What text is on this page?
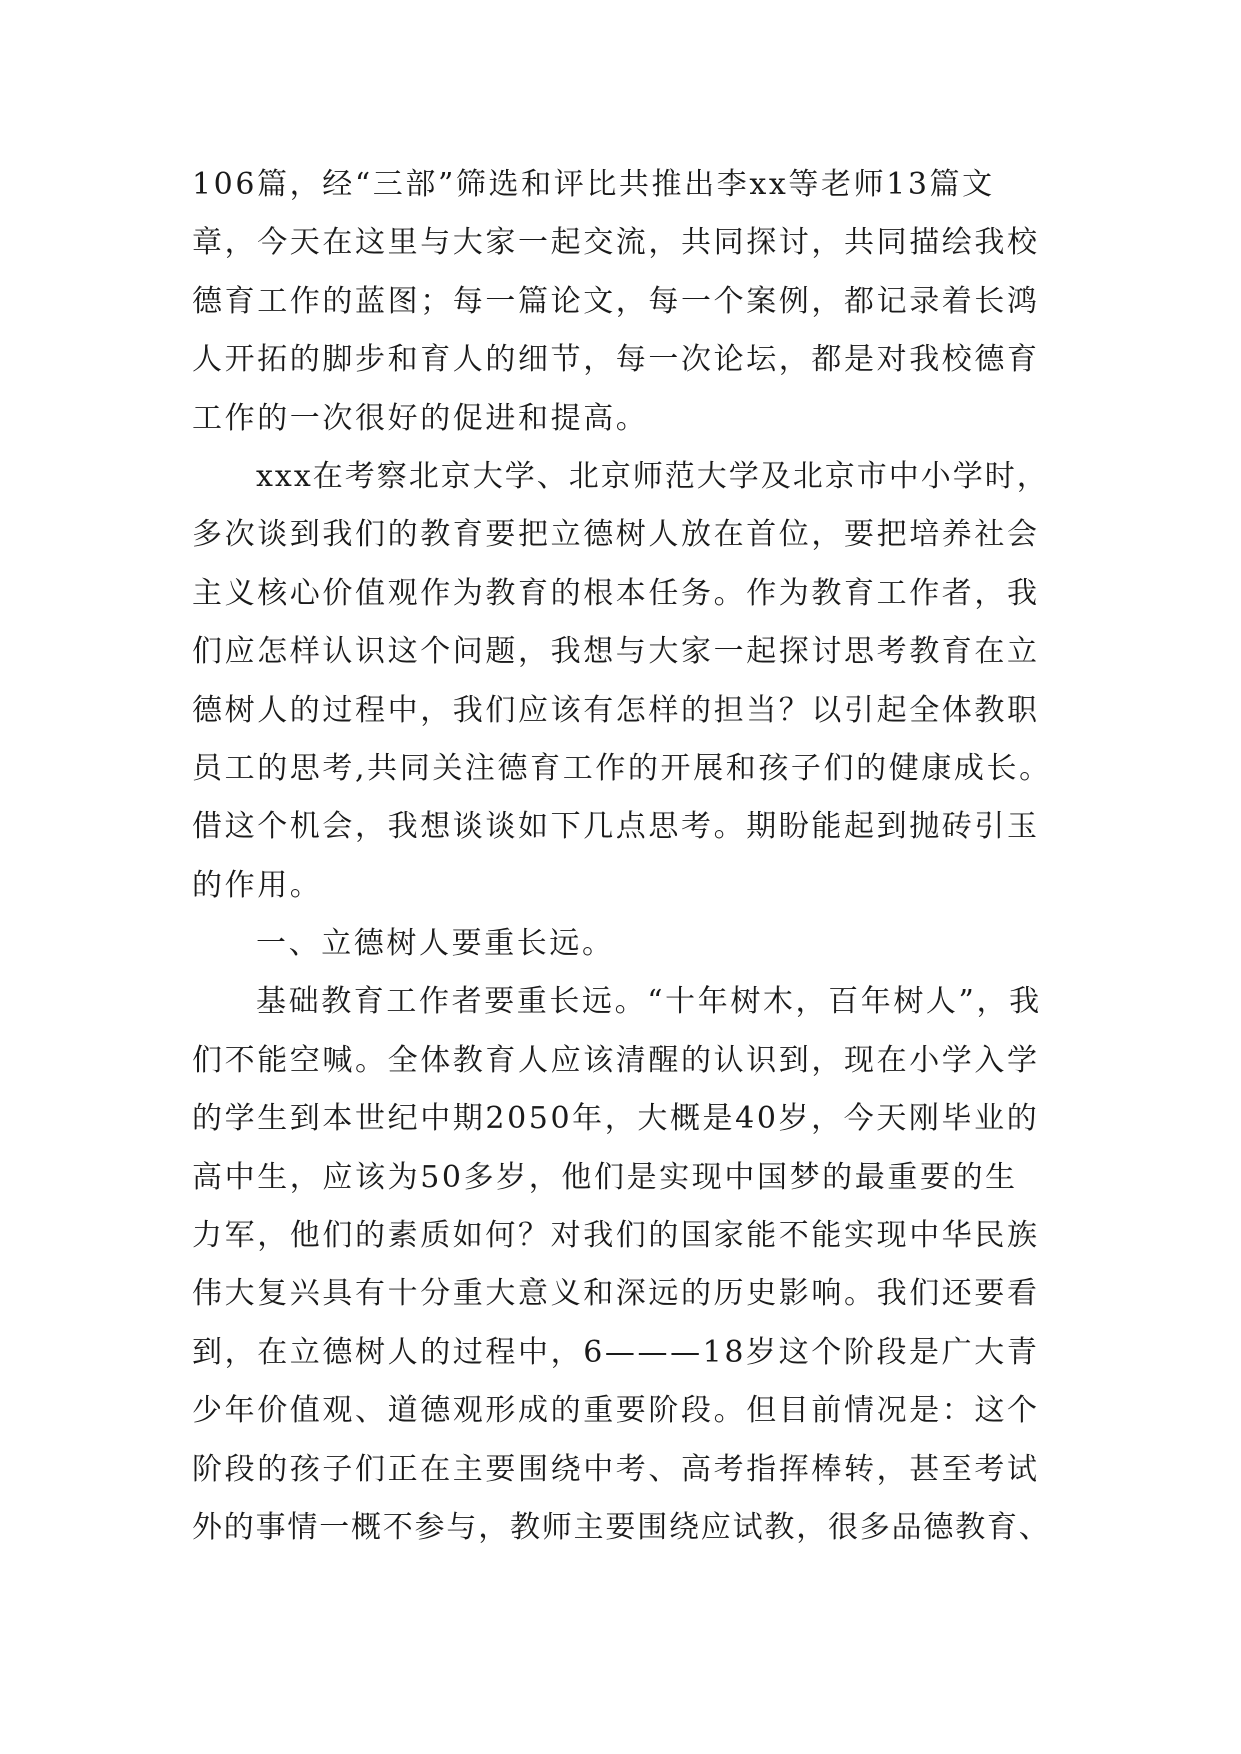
106篇，经“三部”筛选和评比共推出李xx等老师13篇文
章，今天在这里与大家一起交流，共同探讨，共同描绘我校
德育工作的蓝图；每一篇论文，每一个案例，都记录着长鸿
人开拓的脚步和育人的细节，每一次论坛，都是对我校德育
工作的一次很好的促进和提高。
xxx在考察北京大学、北京师范大学及北京市中小学时，
多次谈到我们的教育要把立德树人放在首位，要把培养社会
主义核心价值观作为教育的根本任务。作为教育工作者，我
们应怎样认识这个问题，我想与大家一起探讨思考教育在立
德树人的过程中，我们应该有怎样的担当？以引起全体教职
员工的思考,共同关注德育工作的开展和孩子们的健康成长。
借这个机会，我想谈谈如下几点思考。期盼能起到抛砖引玉
的作用。
一、立德树人要重长远。
基础教育工作者要重长远。“十年树木，百年树人”，我
们不能空喊。全体教育人应该清醒的认识到，现在小学入学
的学生到本世纪中期2050年，大概是40岁，今天刚毕业的
高中生，应该为50多岁，他们是实现中国梦的最重要的生
力军，他们的素质如何？对我们的国家能不能实现中华民族
伟大复兴具有十分重大意义和深远的历史影响。我们还要看
到，在立德树人的过程中，6———18岁这个阶段是广大青
少年价值观、道德观形成的重要阶段。但目前情况是：这个
阶段的孩子们正在主要围绕中考、高考指挥棒转，甚至考试
外的事情一概不参与，教师主要围绕应试教，很多品德教育、
